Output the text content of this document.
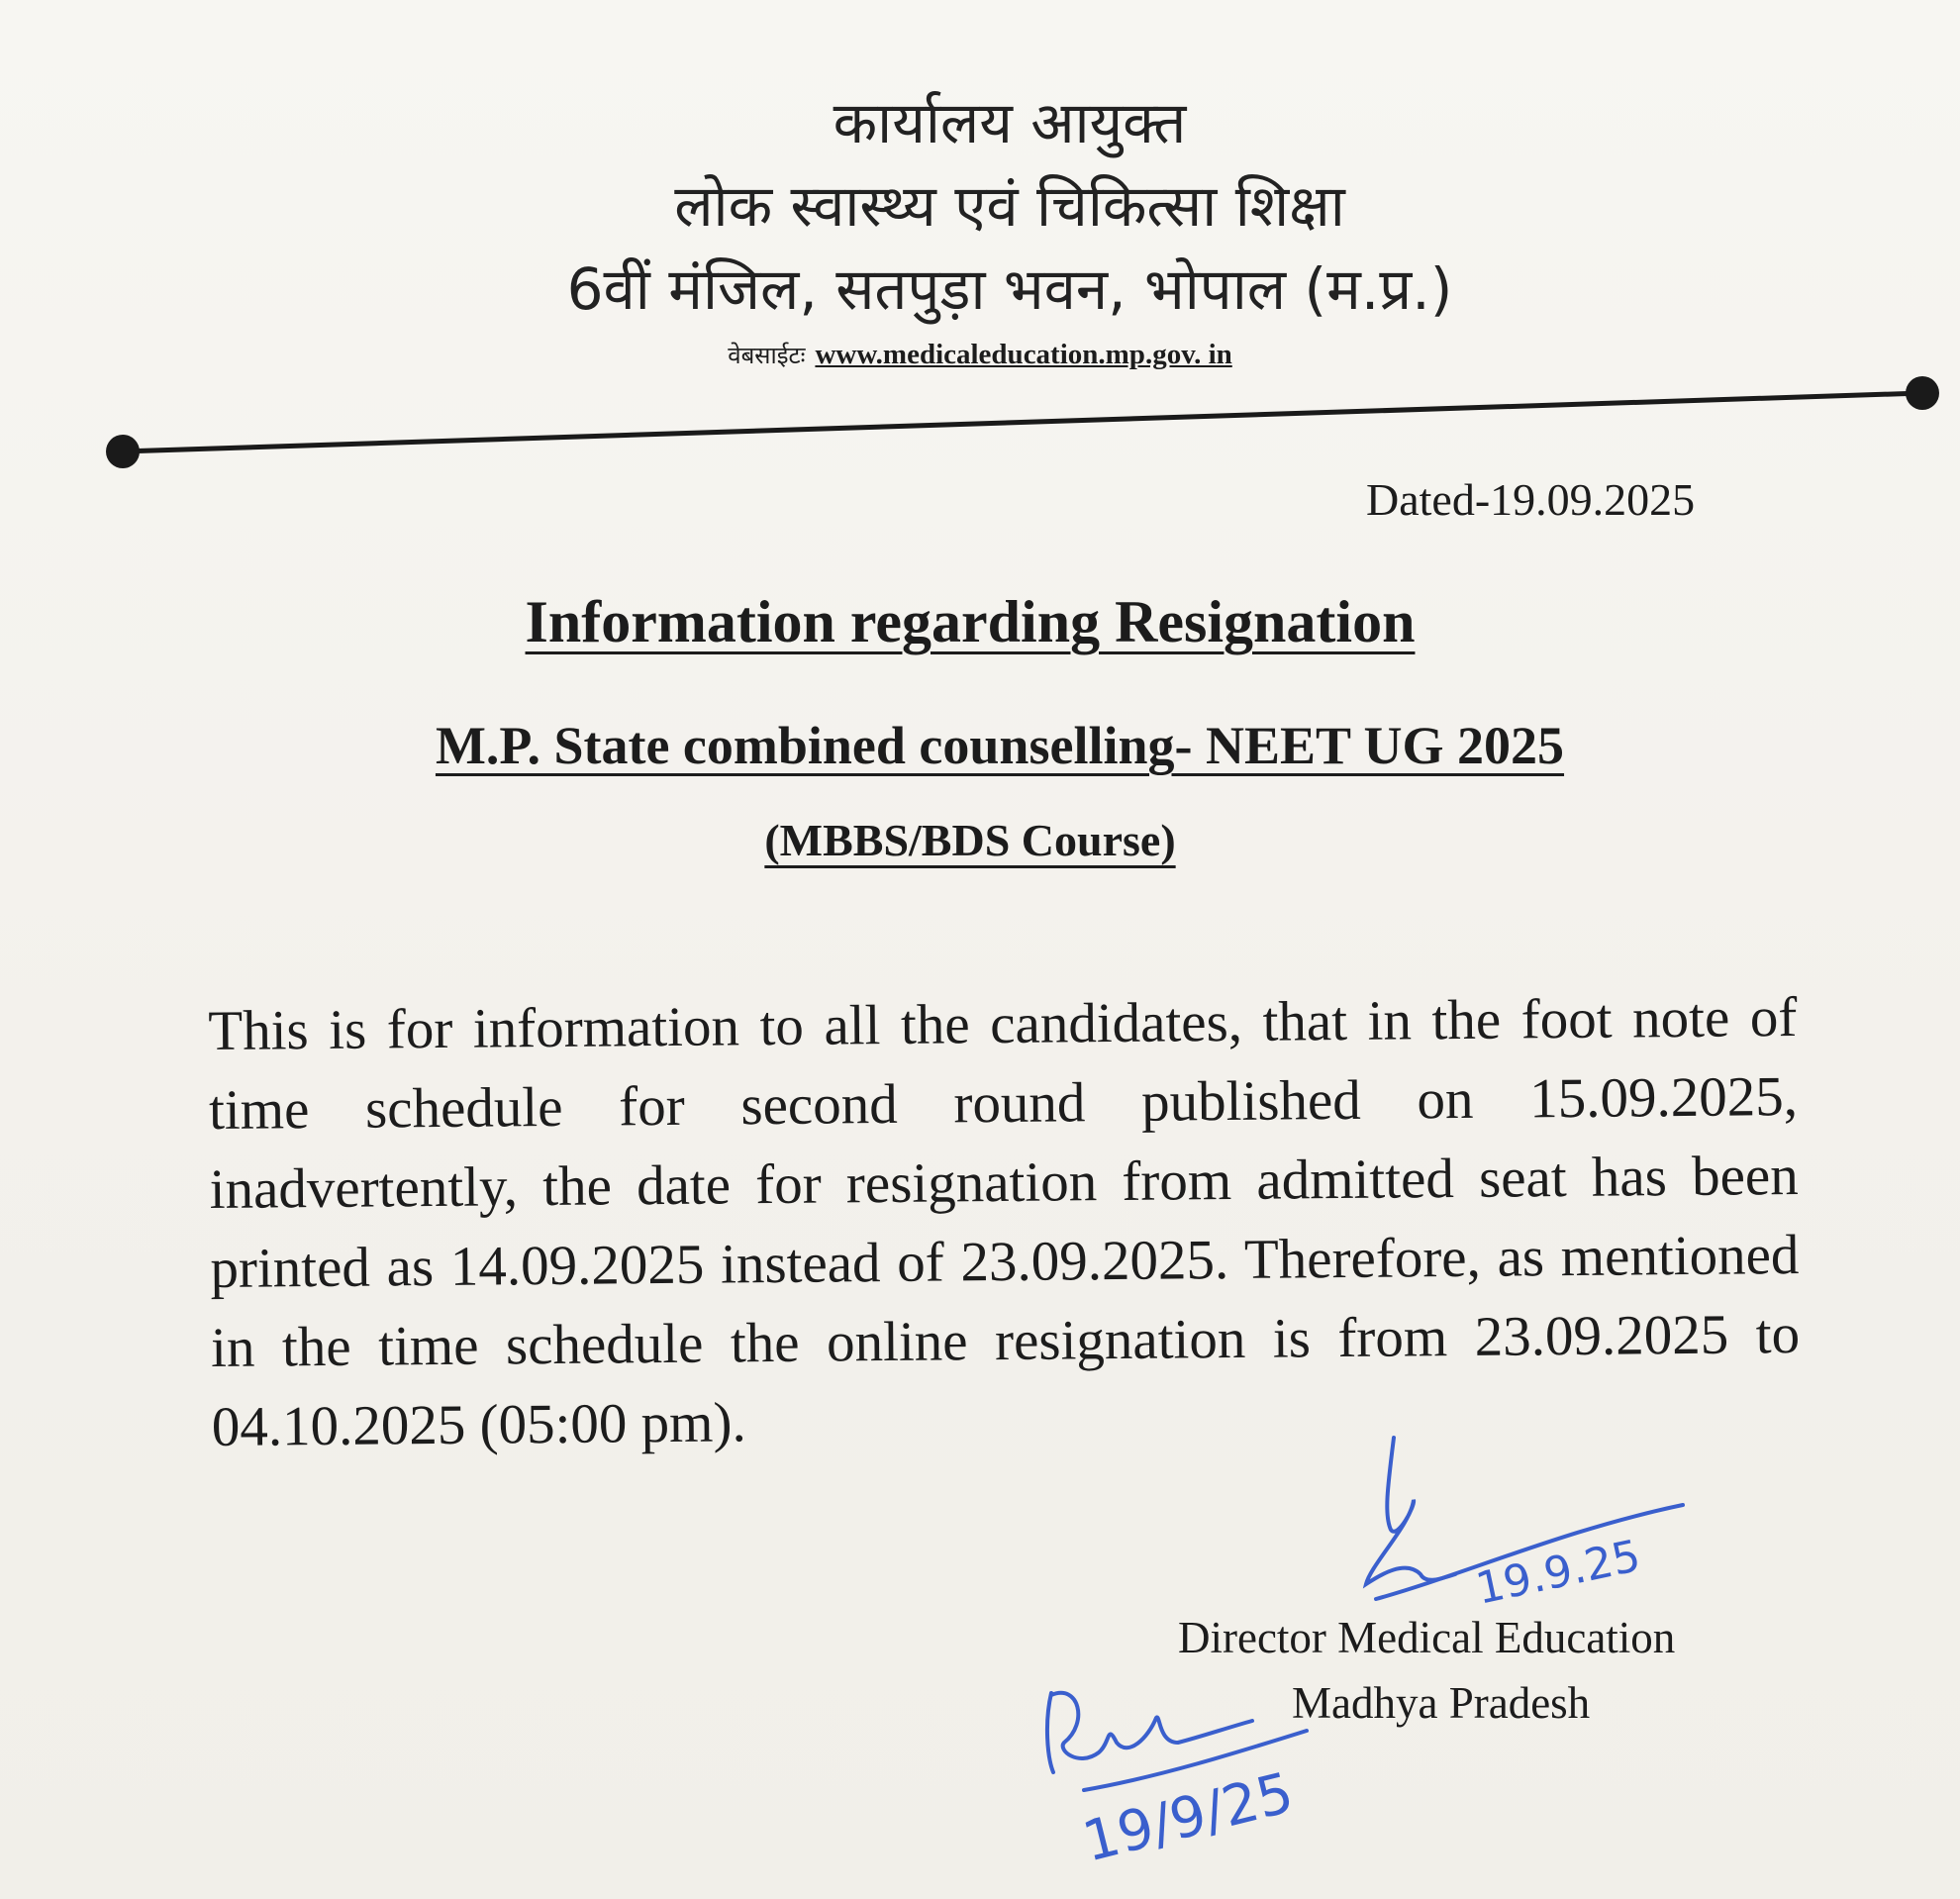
कार्यालय आयुक्त
लोक स्वास्थ्य एवं चिकित्सा शिक्षा
6वीं मंजिल, सतपुड़ा भवन, भोपाल (म.प्र.)
वेबसाईटः www.medicaleducation.mp.gov. in
Dated-19.09.2025
Information regarding Resignation
M.P. State combined counselling- NEET UG 2025
(MBBS/BDS Course)

This is for information to all the candidates, that in the foot note of time schedule for second round published on 15.09.2025, inadvertently, the date for resignation from admitted seat has been printed as 14.09.2025 instead of 23.09.2025. Therefore, as mentioned in the time schedule the online resignation is from 23.09.2025 to 04.10.2025 (05:00 pm).

Director Medical Education
Madhya Pradesh
19.9.25
19/9/25
